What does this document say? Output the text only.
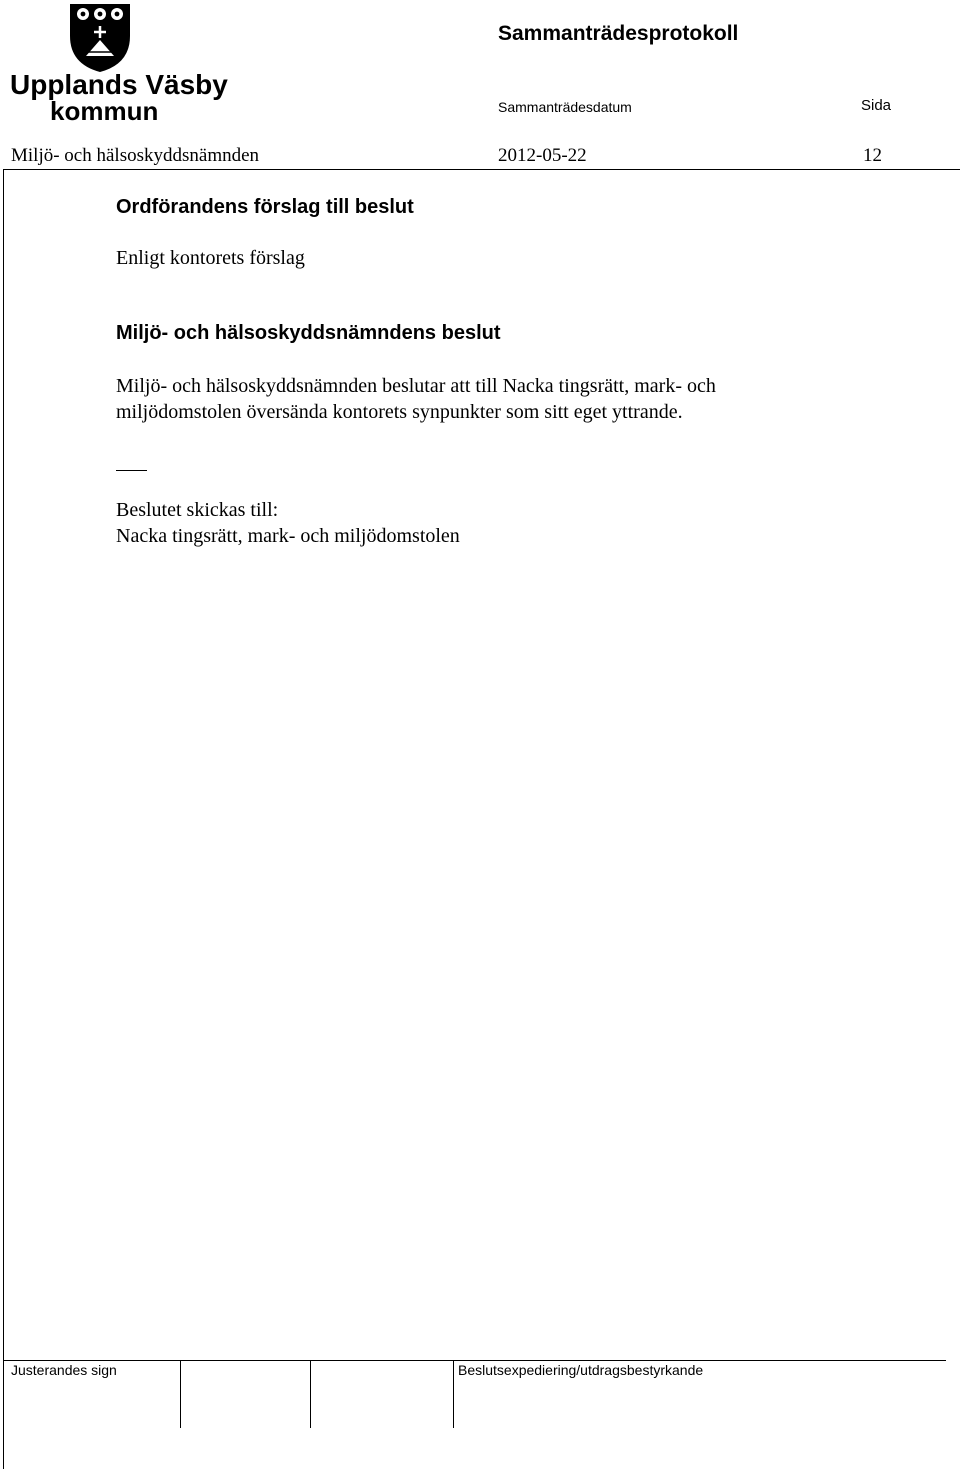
Upplands Väsby
kommun
Sammanträdesprotokoll
Sammanträdesdatum	Sida
Miljö- och hälsoskyddsnämnden	2012-05-22	12
Ordförandens förslag till beslut
Enligt kontorets förslag
Miljö- och hälsoskyddsnämndens beslut
Miljö- och hälsoskyddsnämnden beslutar att till Nacka tingsrätt, mark- och miljödomstolen översända kontorets synpunkter som sitt eget yttrande.
Beslutet skickas till:
Nacka tingsrätt, mark- och miljödomstolen
Justerandes sign	Beslutsexpediering/utdragsbestyrkande
